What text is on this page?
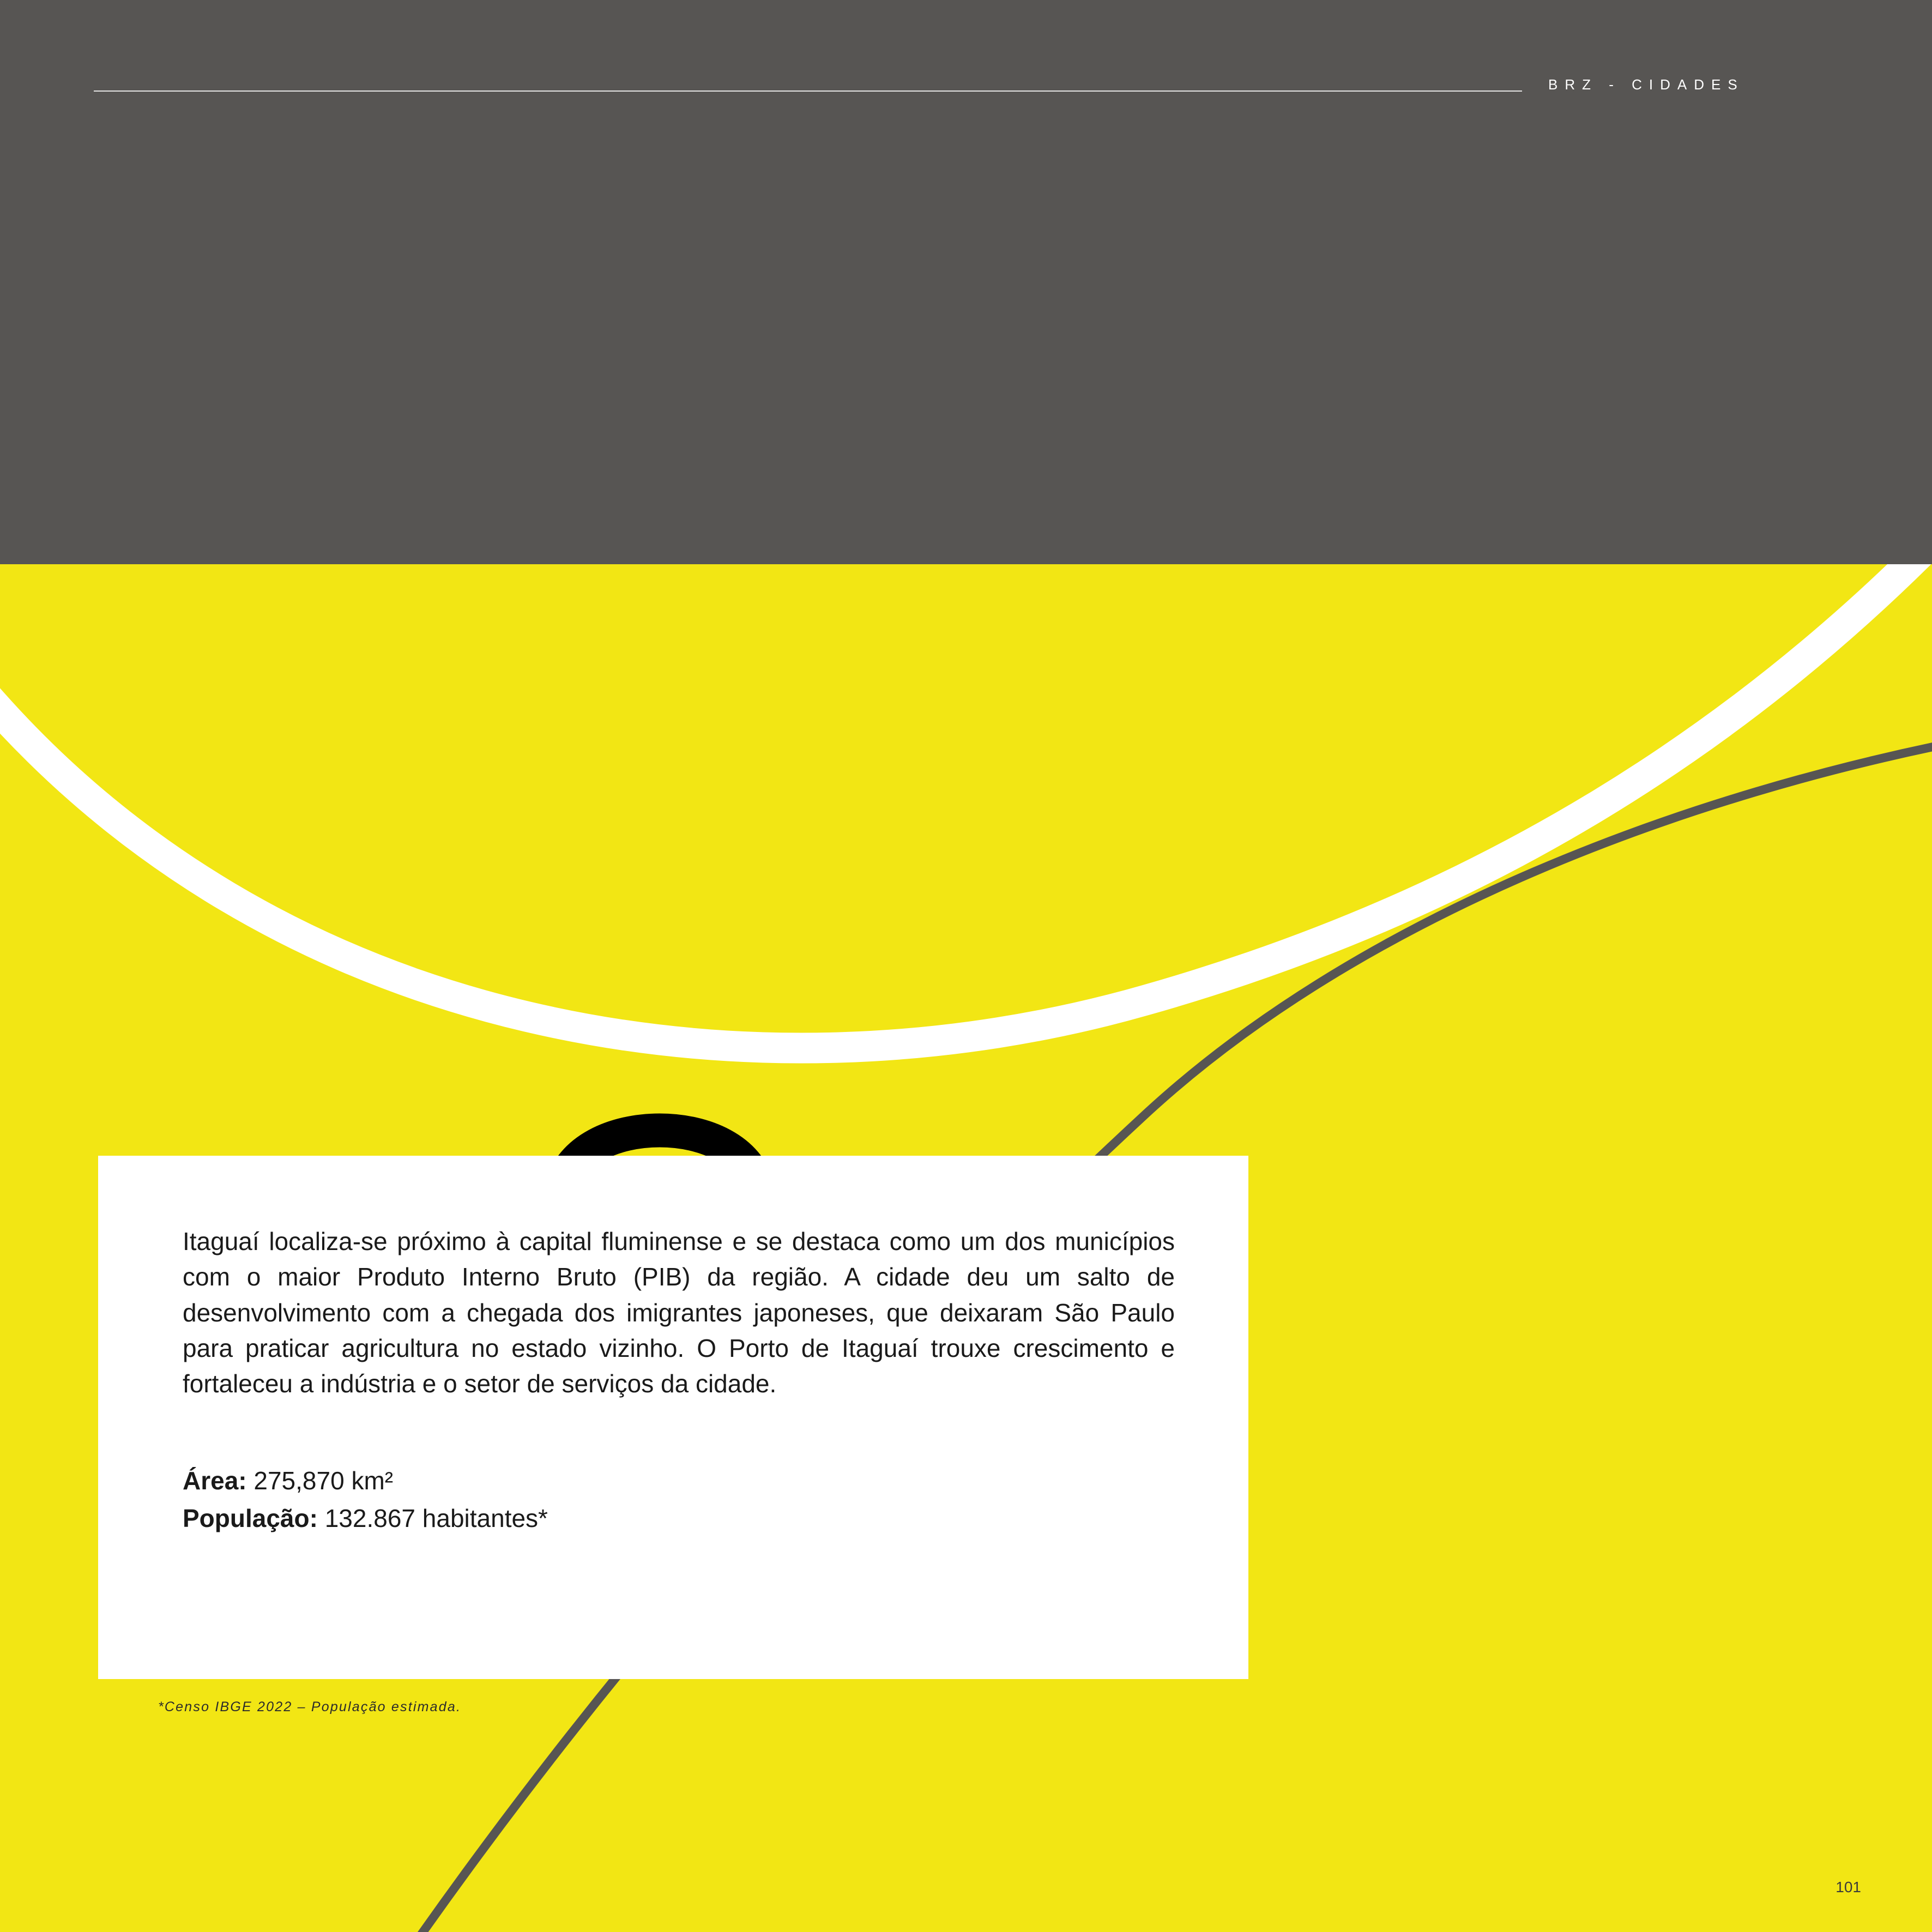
BRZ - CIDADES

Itaguaí localiza-se próximo à capital fluminense e se destaca como um dos municípios com o maior Produto Interno Bruto (PIB) da região. A cidade deu um salto de desenvolvimento com a chegada dos imigrantes japoneses, que deixaram São Paulo para praticar agricultura no estado vizinho. O Porto de Itaguaí trouxe crescimento e fortaleceu a indústria e o setor de serviços da cidade.

Área: 275,870 km²
População: 132.867 habitantes*
*Censo IBGE 2022 – População estimada.
101
